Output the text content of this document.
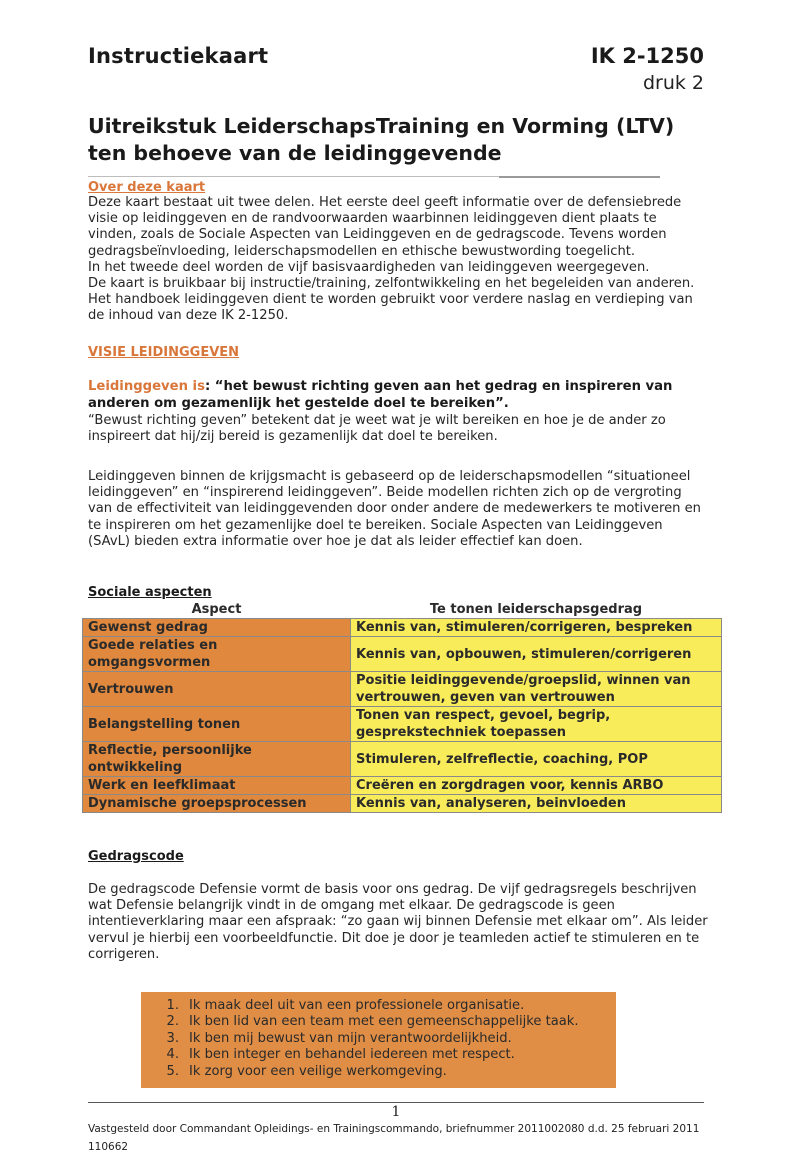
Instructiekaart	IK 2-1250
druk 2
Uitreikstuk LeiderschapsTraining en Vorming (LTV)
ten behoeve van de leidinggevende
Over deze kaart
Deze kaart bestaat uit twee delen. Het eerste deel geeft informatie over de defensiebrede visie op leidinggeven en de randvoorwaarden waarbinnen leidinggeven dient plaats te vinden, zoals de Sociale Aspecten van Leidinggeven en de gedragscode. Tevens worden gedragsbeïnvloeding, leiderschapsmodellen en ethische bewustwording toegelicht.
In het tweede deel worden de vijf basisvaardigheden van leidinggeven weergegeven.
De kaart is bruikbaar bij instructie/training, zelfontwikkeling en het begeleiden van anderen. Het handboek leidinggeven dient te worden gebruikt voor verdere naslag en verdieping van de inhoud van deze IK 2-1250.
VISIE LEIDINGGEVEN
Leidinggeven is: “het bewust richting geven aan het gedrag en inspireren van anderen om gezamenlijk het gestelde doel te bereiken”.
“Bewust richting geven” betekent dat je weet wat je wilt bereiken en hoe je de ander zo inspireert dat hij/zij bereid is gezamenlijk dat doel te bereiken.
Leidinggeven binnen de krijgsmacht is gebaseerd op de leiderschapsmodellen “situationeel leidinggeven” en “inspirerend leidinggeven”. Beide modellen richten zich op de vergroting van de effectiviteit van leidinggevenden door onder andere de medewerkers te motiveren en te inspireren om het gezamenlijke doel te bereiken. Sociale Aspecten van Leidinggeven (SAvL) bieden extra informatie over hoe je dat als leider effectief kan doen.
Sociale aspecten
Aspect	Te tonen leiderschapsgedrag
Gewenst gedrag	Kennis van, stimuleren/corrigeren, bespreken

Goede relaties en omgangsvormen	Kennis van, opbouwen, stimuleren/corrigeren
Vertrouwen	Positie leidinggevende/groepslid, winnen van vertrouwen, geven van vertrouwen
Belangstelling tonen	Tonen van respect, gevoel, begrip, gesprekstechniek toepassen

Reflectie, persoonlijke ontwikkeling	Stimuleren, zelfreflectie, coaching, POP
Werk en leefklimaat	Creëren en zorgdragen voor, kennis ARBO
Dynamische groepsprocessen	Kennis van, analyseren, beinvloeden
Gedragscode
De gedragscode Defensie vormt de basis voor ons gedrag. De vijf gedragsregels beschrijven wat Defensie belangrijk vindt in de omgang met elkaar. De gedragscode is geen intentieverklaring maar een afspraak: “zo gaan wij binnen Defensie met elkaar om”. Als leider vervul je hierbij een voorbeeldfunctie. Dit doe je door je teamleden actief te stimuleren en te corrigeren.
1. Ik maak deel uit van een professionele organisatie.
2. Ik ben lid van een team met een gemeenschappelijke taak.
3. Ik ben mij bewust van mijn verantwoordelijkheid.
4. Ik ben integer en behandel iedereen met respect.
5. Ik zorg voor een veilige werkomgeving.
1
Vastgesteld door Commandant Opleidings- en Trainingscommando, briefnummer 2011002080 d.d. 25 februari 2011
110662
